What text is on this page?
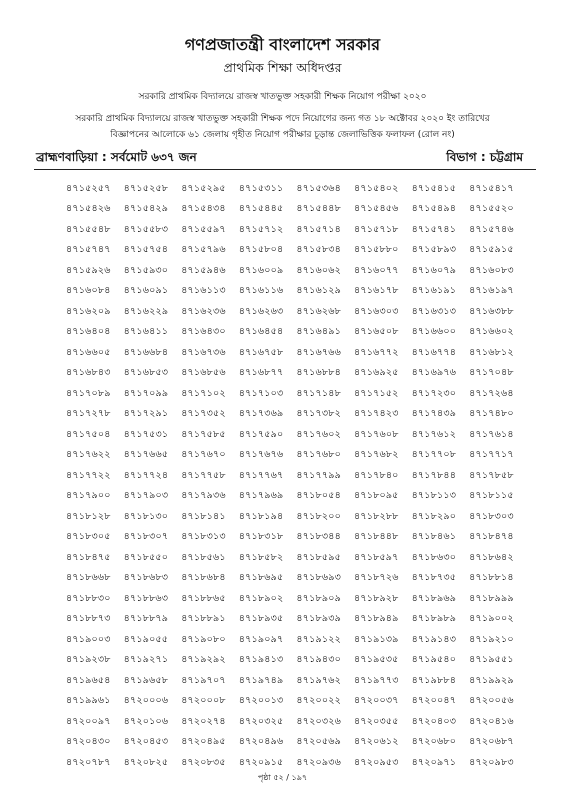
গণপ্রজাতন্ত্রী বাংলাদেশ সরকার
প্রাথমিক শিক্ষা অধিদপ্তর
সরকারি প্রাথমিক বিদ্যালয়ে রাজস্ব খাতভুক্ত সহকারী শিক্ষক নিয়োগ পরীক্ষা ২০২০
সরকারি প্রাথমিক বিদ্যালয়ে রাজস্ব খাতভুক্ত সহকারী শিক্ষক পদে নিয়োগের জন্য গত ১৮ অক্টোবর ২০২০ ইং তারিখের
বিজ্ঞাপনের আলোকে ৬১ জেলায় গৃহীত নিয়োগ পরীক্ষার চূড়ান্ত জেলাভিত্তিক ফলাফল (রোল নং)
ব্রাহ্মণবাড়িয়া : সর্বমোট ৬৩৭ জন	বিভাগ : চট্টগ্রাম
৪৭১৫২৫৭	৪৭১৫২৫৮	৪৭১৫২৯৫	৪৭১৫৩১১	৪৭১৫৩৬৪	৪৭১৫৪০২	৪৭১৫৪১৫	৪৭১৫৪১৭
৪৭১৫৪২৬	৪৭১৫৪২৯	৪৭১৫৪৩৪	৪৭১৫৪৪৫	৪৭১৫৪৪৮	৪৭১৫৪৫৬	৪৭১৫৪৯৪	৪৭১৫৫২০
৪৭১৫৫৪৮	৪৭১৫৫৮৩	৪৭১৫৫৯৭	৪৭১৫৭১২	৪৭১৫৭১৪	৪৭১৫৭১৮	৪৭১৫৭৪১	৪৭১৫৭৪৬
৪৭১৫৭৪৭	৪৭১৫৭৫৪	৪৭১৫৭৯৬	৪৭১৫৮০৪	৪৭১৫৮৩৪	৪৭১৫৮৮০	৪৭১৫৮৯৩	৪৭১৫৯১৫
৪৭১৫৯২৬	৪৭১৫৯৩০	৪৭১৫৯৪৬	৪৭১৬০০৯	৪৭১৬০৬২	৪৭১৬০৭৭	৪৭১৬০৭৯	৪৭১৬০৮৩
৪৭১৬০৮৪	৪৭১৬০৯১	৪৭১৬১১৩	৪৭১৬১১৬	৪৭১৬১২৯	৪৭১৬১৭৮	৪৭১৬১৯১	৪৭১৬১৯৭
৪৭১৬২০৯	৪৭১৬২২৯	৪৭১৬২৩৬	৪৭১৬২৬৩	৪৭১৬২৬৮	৪৭১৬৩০৩	৪৭১৬৩১৩	৪৭১৬৩৮৮
৪৭১৬৪০৪	৪৭১৬৪১১	৪৭১৬৪৩০	৪৭১৬৪৫৪	৪৭১৬৪৯১	৪৭১৬৫০৮	৪৭১৬৬০০	৪৭১৬৬০২
৪৭১৬৬০৫	৪৭১৬৬৮৪	৪৭১৬৭৩৬	৪৭১৬৭৫৮	৪৭১৬৭৬৬	৪৭১৬৭৭২	৪৭১৬৭৭৪	৪৭১৬৮১২
৪৭১৬৮৪৩	৪৭১৬৮৫৩	৪৭১৬৮৫৬	৪৭১৬৮৭৭	৪৭১৬৮৮৪	৪৭১৬৯২৫	৪৭১৬৯৭৬	৪৭১৭০৪৮
৪৭১৭০৮৯	৪৭১৭০৯৯	৪৭১৭১০২	৪৭১৭১০৩	৪৭১৭১৪৮	৪৭১৭১৫২	৪৭১৭২৩০	৪৭১৭২৬৪
৪৭১৭২৭৮	৪৭১৭২৯১	৪৭১৭৩৫২	৪৭১৭৩৬৯	৪৭১৭৩৮২	৪৭১৭৪২৩	৪৭১৭৪৩৯	৪৭১৭৪৮০
৪৭১৭৫০৪	৪৭১৭৫৩১	৪৭১৭৫৮৫	৪৭১৭৫৯০	৪৭১৭৬০২	৪৭১৭৬০৮	৪৭১৭৬১২	৪৭১৭৬১৪
৪৭১৭৬২২	৪৭১৭৬৬৫	৪৭১৭৬৭০	৪৭১৭৬৭৬	৪৭১৭৬৮০	৪৭১৭৬৮২	৪৭১৭৭০৮	৪৭১৭৭১৭
৪৭১৭৭২২	৪৭১৭৭২৪	৪৭১৭৭৫৮	৪৭১৭৭৬৭	৪৭১৭৭৯৯	৪৭১৭৮৪০	৪৭১৭৮৪৪	৪৭১৭৮৫৮
৪৭১৭৯০০	৪৭১৭৯০৩	৪৭১৭৯৩৬	৪৭১৭৯৬৯	৪৭১৮০৫৪	৪৭১৮০৯৫	৪৭১৮১১৩	৪৭১৮১১৫
৪৭১৮১২৮	৪৭১৮১৩০	৪৭১৮১৪১	৪৭১৮১৯৪	৪৭১৮২০০	৪৭১৮২৮৮	৪৭১৮২৯০	৪৭১৮৩০৩
৪৭১৮৩০৫	৪৭১৮৩০৭	৪৭১৮৩১৩	৪৭১৮৩১৮	৪৭১৮৩৪৪	৪৭১৮৪৪৮	৪৭১৮৪৬১	৪৭১৮৪৭৪
৪৭১৮৪৭৫	৪৭১৮৫৫০	৪৭১৮৫৬১	৪৭১৮৫৮২	৪৭১৮৫৯৫	৪৭১৮৫৯৭	৪৭১৮৬৩০	৪৭১৮৬৪২
৪৭১৮৬৬৮	৪৭১৮৬৮৩	৪৭১৮৬৮৪	৪৭১৮৬৯৫	৪৭১৮৬৯৩	৪৭১৮৭২৬	৪৭১৮৭৩৫	৪৭১৮৮১৪
৪৭১৮৮৩০	৪৭১৮৮৬৩	৪৭১৮৮৬৫	৪৭১৮৯০২	৪৭১৮৯০৯	৪৭১৮৯২৮	৪৭১৮৯৬৯	৪৭১৮৯৯৯
৪৭১৮৮৭৩	৪৭১৮৮৭৯	৪৭১৮৮৯১	৪৭১৮৯৩৫	৪৭১৮৯৩৯	৪৭১৮৯৪৯	৪৭১৮৯৮৯	৪৭১৯০০২
৪৭১৯০০৩	৪৭১৯০৫৫	৪৭১৯০৮০	৪৭১৯০৯৭	৪৭১৯১২২	৪৭১৯১৩৯	৪৭১৯১৪৩	৪৭১৯২১০
৪৭১৯২৩৮	৪৭১৯২৭১	৪৭১৯২৯২	৪৭১৯৪১৩	৪৭১৯৪৩০	৪৭১৯৫৩৫	৪৭১৯৫৪০	৪৭১৯৫৫১
৪৭১৯৬৫৪	৪৭১৯৬৫৮	৪৭১৯৭০৭	৪৭১৯৭৪৯	৪৭১৯৭৬২	৪৭১৯৭৭৩	৪৭১৯৮৮৪	৪৭১৯৯২৯
৪৭১৯৯৬১	৪৭২০০০৬	৪৭২০০০৮	৪৭২০০১৩	৪৭২০০২২	৪৭২০০৩৭	৪৭২০০৪৭	৪৭২০০৫৬
৪৭২০০৯৭	৪৭২০১০৬	৪৭২০২৭৪	৪৭২০৩২৫	৪৭২০৩২৬	৪৭২০৩৫৫	৪৭২০৪০৩	৪৭২০৪১৬
৪৭২০৪৩০	৪৭২০৪৫৩	৪৭২০৪৯৫	৪৭২০৪৯৬	৪৭২০৫৬৯	৪৭২০৬১২	৪৭২০৬৮০	৪৭২০৬৮৭
৪৭২০৭৮৭	৪৭২০৮২৫	৪৭২০৮৩৫	৪৭২০৯১৫	৪৭২০৯৩৬	৪৭২০৯৫৩	৪৭২০৯৭১	৪৭২০৯৮৩
পৃষ্ঠা ৫২ / ১৯৭
